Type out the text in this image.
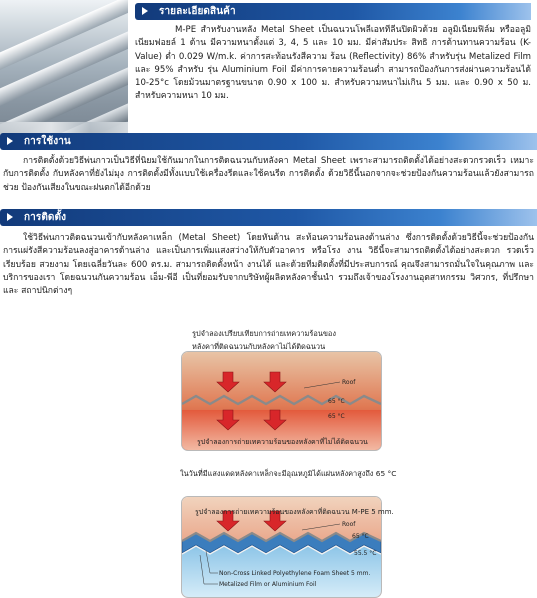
รายละเอียดสินค้า

M-PE สำหรับงานหลัง Metal Sheet เป็นฉนวนโพลีเอททีลีนปิดผิวด้วย อลูมิเนียมฟิล์ม หรืออลูมิเนียมฟอยล์ 1 ด้าน มีความหนาตั้งแต่ 3, 4, 5 และ 10 มม. มีค่าสัมประ สิทธิ การต้านทานความร้อน (K-Value) ต่ำ 0.029 W/m.k. ค่าการสะท้อนรังสีความ ร้อน (Reflectivity) 86% สำหรับรุ่น Metalized Film และ 95% สำหรับ รุ่น Aluminium Foil มีค่าการคายความร้อนต่ำ สามารถป้องกันการส่งผ่านความร้อนได้ 10-25°c โดยม้วนมาตรฐานขนาด 0.90 x 100 ม. สำหรับความหนาไม่เกิน 5 มม. และ 0.90 x 50 ม. สำหรับความหนา 10 มม.

การใช้งาน

การติดตั้งด้วยวิธีพ่นกาวเป็นวิธีที่นิยมใช้กันมากในการติดฉนวนกับหลังคา Metal Sheet เพราะสามารถติดตั้งได้อย่างสะดวกรวดเร็ว เหมาะกับการติดตั้ง กับหลังคาที่ยังไม่มุง การติดตั้งมีทั้งแบบใช้เครื่องรีดและใช้คนรีด การติดตั้ง ด้วยวิธีนี้นอกจากจะช่วยป้องกันความร้อนแล้วยังสามารถช่วย ป้องกันเสียงในขณะฝนตกได้อีกด้วย

การติดตั้ง

ใช้วิธีพ่นกาวติดฉนวนเข้ากับหลังคาเหล็ก (Metal Sheet) โดยหันด้าน สะท้อนความร้อนลงด้านล่าง ซึ่งการติดตั้งด้วยวิธีนี้จะช่วยป้องกันการแผ่รังสีความร้อนลงสู่อาคารด้านล่าง และเป็นการเพิ่มแสงสว่างให้กับตัวอาคาร หรือโรง งาน วิธีนี้จะสามารถติดตั้งได้อย่างสะดวก รวดเร็ว เรียบร้อย สวยงาม โดยเฉลี่ยวันละ 600 ตร.ม. สามารถติดตั้งหน้า งานได้ และด้วยทีมติดตั้งที่มีประสบการณ์ คุณจึงสามารถมั่นใจในคุณภาพ และบริการของเรา โดยฉนวนกันความร้อน เอ็ม-พีอี เป็นที่ยอมรับจากบริษัทผู้ผลิตหลังคาชั้นนำ รวมถึงเจ้าของโรงงานอุตสาหกรรม วิศวกร, ที่ปรึกษา และ สถาปนิกต่างๆ

รูปจำลองเปรียบเทียบการถ่ายเทความร้อนของ
หลังคาที่ติดฉนวนกับหลังคาไม่ได้ติดฉนวน
Roof
65 °C
65 °C
รูปจำลองการถ่ายเทความร้อนของหลังคาที่ไม่ได้ติดฉนวน
ในวันที่มีแสงแดดหลังคาเหล็กจะมีอุณหภูมิได้แผ่นหลังคาสูงถึง 65 °C
Roof
65 °C
55.5 °C
Non-Cross Linked Polyethylene Foam Sheet 5 mm.
Metalized Film or Aluminium Foil
รูปจำลองการถ่ายเทความร้อนของหลังคาที่ติดฉนวน M-PE 5 mm.
